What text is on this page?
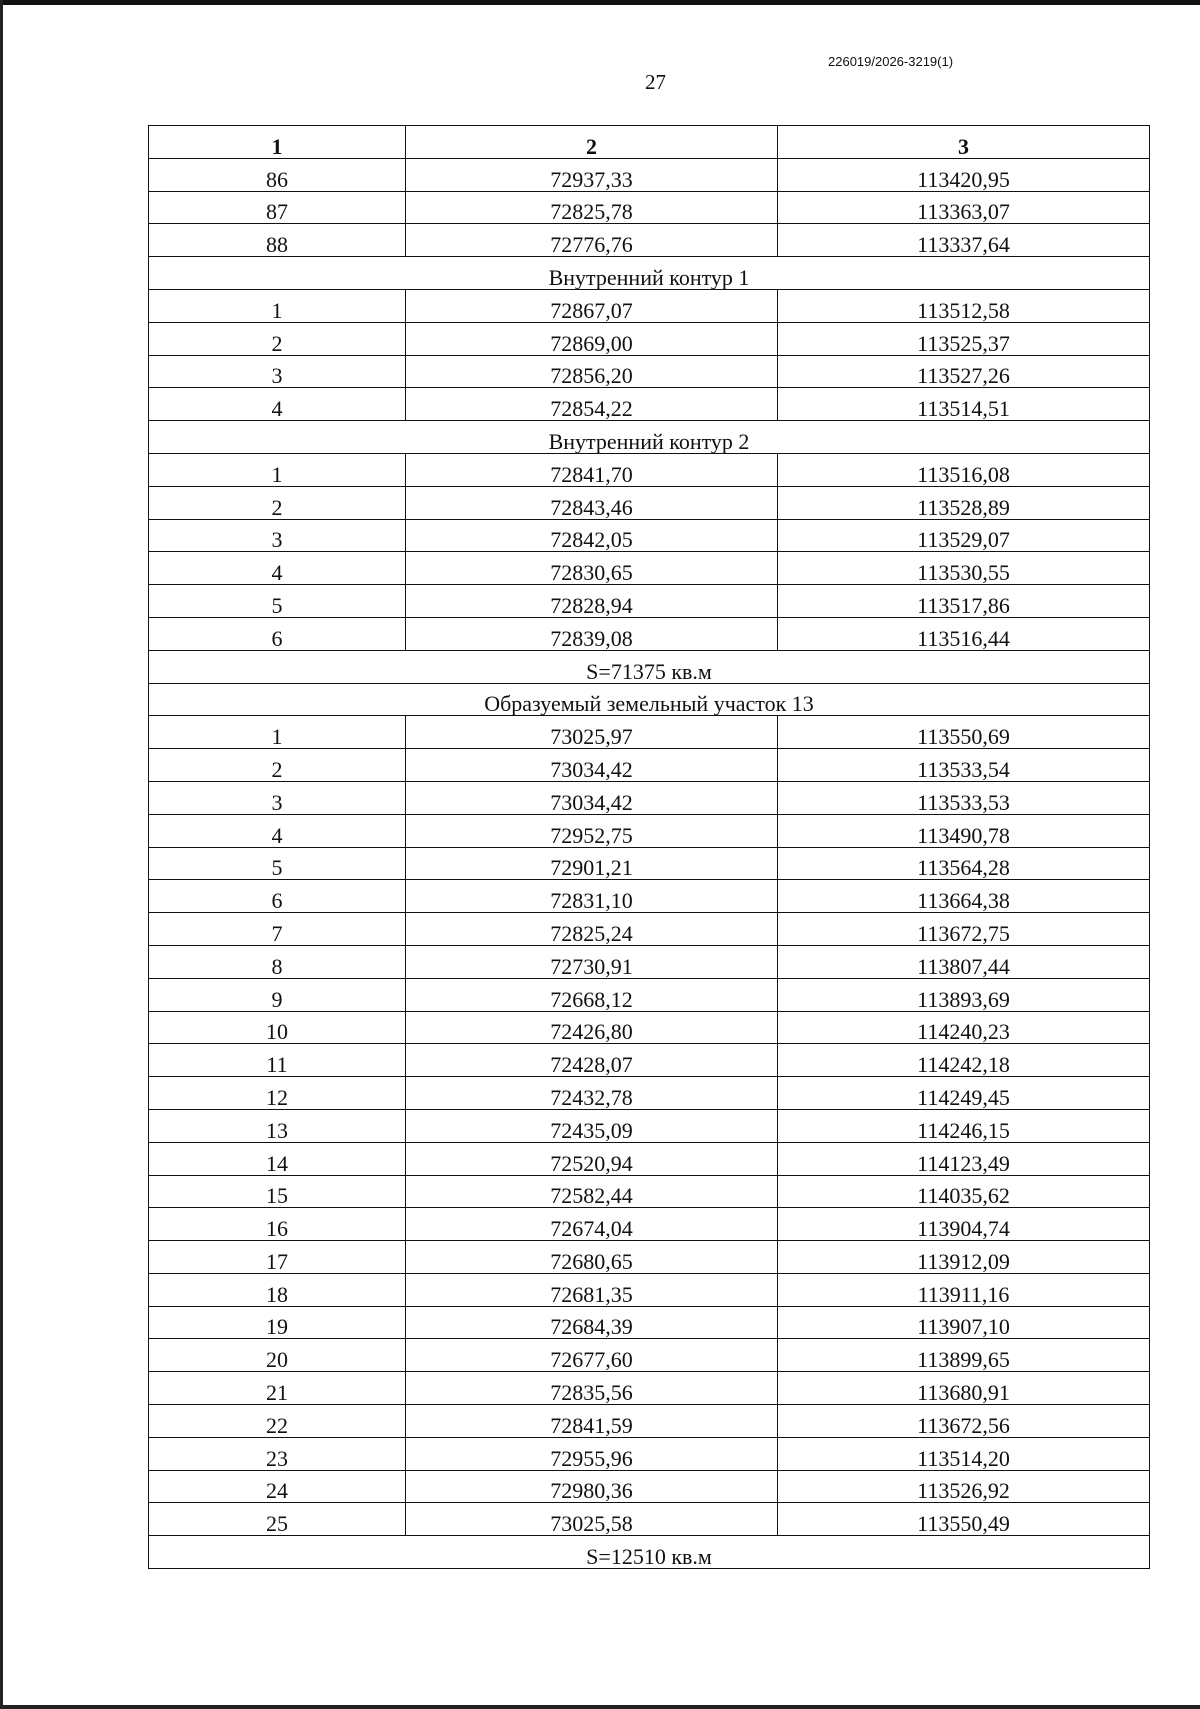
226019/2026-3219(1)
27
1	2	3
86	72937,33	113420,95
87	72825,78	113363,07
88	72776,76	113337,64
Внутренний контур 1		
1	72867,07	113512,58
2	72869,00	113525,37
3	72856,20	113527,26
4	72854,22	113514,51
Внутренний контур 2		
1	72841,70	113516,08
2	72843,46	113528,89
3	72842,05	113529,07
4	72830,65	113530,55
5	72828,94	113517,86
6	72839,08	113516,44
S=71375 кв.м		
Образуемый земельный участок 13		
1	73025,97	113550,69
2	73034,42	113533,54
3	73034,42	113533,53
4	72952,75	113490,78
5	72901,21	113564,28
6	72831,10	113664,38
7	72825,24	113672,75
8	72730,91	113807,44
9	72668,12	113893,69
10	72426,80	114240,23
11	72428,07	114242,18
12	72432,78	114249,45
13	72435,09	114246,15
14	72520,94	114123,49
15	72582,44	114035,62
16	72674,04	113904,74
17	72680,65	113912,09
18	72681,35	113911,16
19	72684,39	113907,10
20	72677,60	113899,65
21	72835,56	113680,91
22	72841,59	113672,56
23	72955,96	113514,20
24	72980,36	113526,92
25	73025,58	113550,49
S=12510 кв.м		
